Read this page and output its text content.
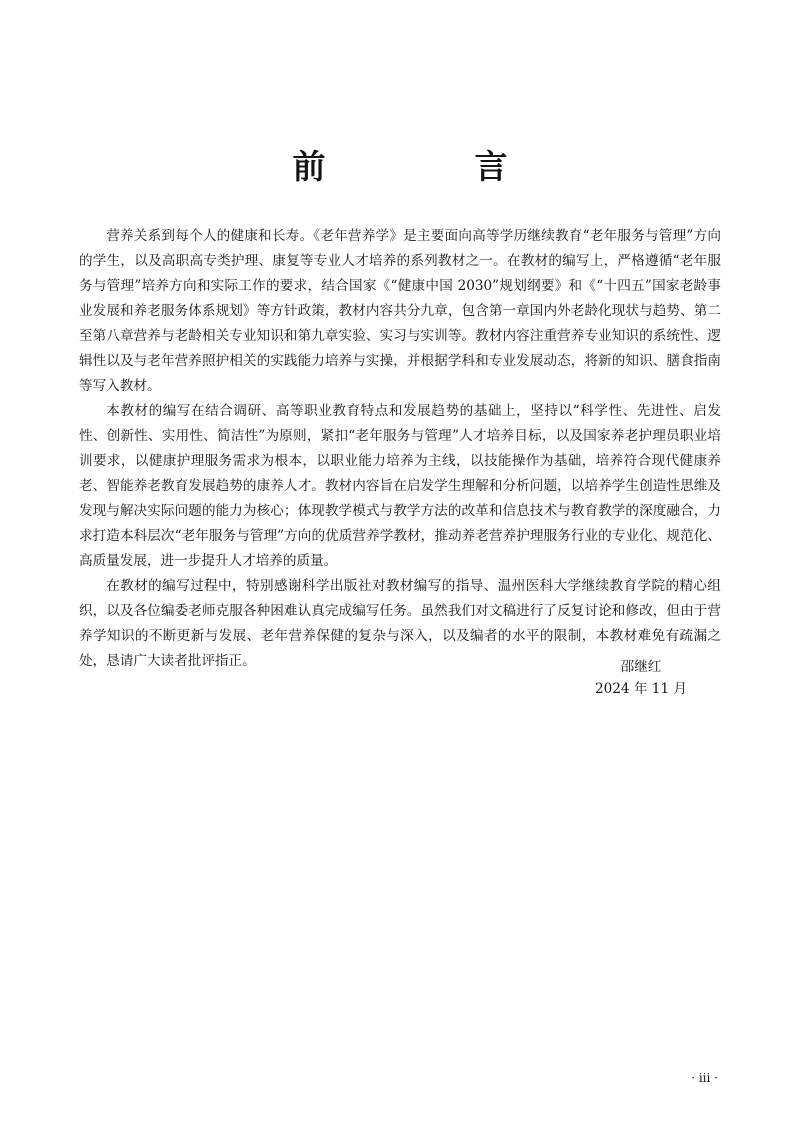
前　言

营养关系到每个人的健康和长寿。《老年营养学》是主要面向高等学历继续教育“老年服务与管理”方向的学生，以及高职高专类护理、康复等专业人才培养的系列教材之一。在教材的编写上，严格遵循“老年服务与管理”培养方向和实际工作的要求，结合国家《“健康中国 2030”规划纲要》和《“十四五”国家老龄事业发展和养老服务体系规划》等方针政策，教材内容共分九章，包含第一章国内外老龄化现状与趋势、第二至第八章营养与老龄相关专业知识和第九章实验、实习与实训等。教材内容注重营养专业知识的系统性、逻辑性以及与老年营养照护相关的实践能力培养与实操，并根据学科和专业发展动态，将新的知识、膳食指南等写入教材。

本教材的编写在结合调研、高等职业教育特点和发展趋势的基础上，坚持以“科学性、先进性、启发性、创新性、实用性、简洁性”为原则，紧扣“老年服务与管理”人才培养目标，以及国家养老护理员职业培训要求，以健康护理服务需求为根本，以职业能力培养为主线，以技能操作为基础，培养符合现代健康养老、智能养老教育发展趋势的康养人才。教材内容旨在启发学生理解和分析问题，以培养学生创造性思维及发现与解决实际问题的能力为核心；体现教学模式与教学方法的改革和信息技术与教育教学的深度融合，力求打造本科层次“老年服务与管理”方向的优质营养学教材，推动养老营养护理服务行业的专业化、规范化、高质量发展，进一步提升人才培养的质量。

在教材的编写过程中，特别感谢科学出版社对教材编写的指导、温州医科大学继续教育学院的精心组织，以及各位编委老师克服各种困难认真完成编写任务。虽然我们对文稿进行了反复讨论和修改，但由于营养学知识的不断更新与发展、老年营养保健的复杂与深入，以及编者的水平的限制，本教材难免有疏漏之处，恳请广大读者批评指正。	邵继红
2024 年 11 月
· iii ·
